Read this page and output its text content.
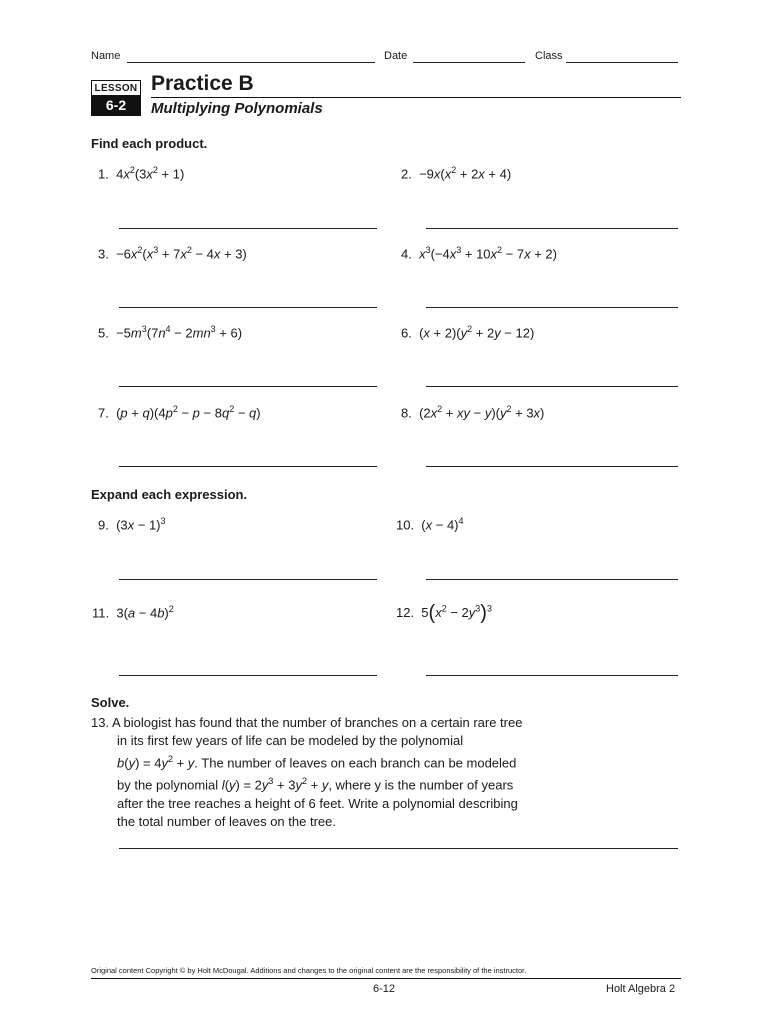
Name	Date	Class
LESSON
6-2
Practice B
Multiplying Polynomials
Find each product.
1.  $4x^2(3x^2 + 1)$	2.  $-9x(x^2 + 2x + 4)$
3.  $-6x^2(x^3 + 7x^2 - 4x + 3)$	4. $x^3(-4x^3 + 10x^2 - 7x + 2)$
5.  $-5m^3(7n^4 - 2mn^3 + 6)$	6.  $(x + 2)(y^2 + 2y - 12)$
7.  $(p + q)(4p^2 - p - 8q^2 - q)$	8.  ($2x^2$ + xy − $y)(y^2 + 3x)$
Expand each expression.
9.  $(3x - 1)^3$	10.  $(x - 4)^4$
11.  $3(a - 4b)^2$	12.  $5(x^2 - 2y^3)^3$
Solve.
13. A biologist has found that the number of branches on a certain rare tree
in its first few years of life can be modeled by the polynomial
$b(y) = 4y^2 + y$. The number of leaves on each branch can be modeled
by the polynomial $l(y) = 2y^3 + 3y^2 + y$, where y is the number of years
after the tree reaches a height of 6 feet. Write a polynomial describing
the total number of leaves on the tree.
Original content Copyright © by Holt McDougal. Additions and changes to the original content are the responsibility of the instructor.
6-12	Holt Algebra 2
